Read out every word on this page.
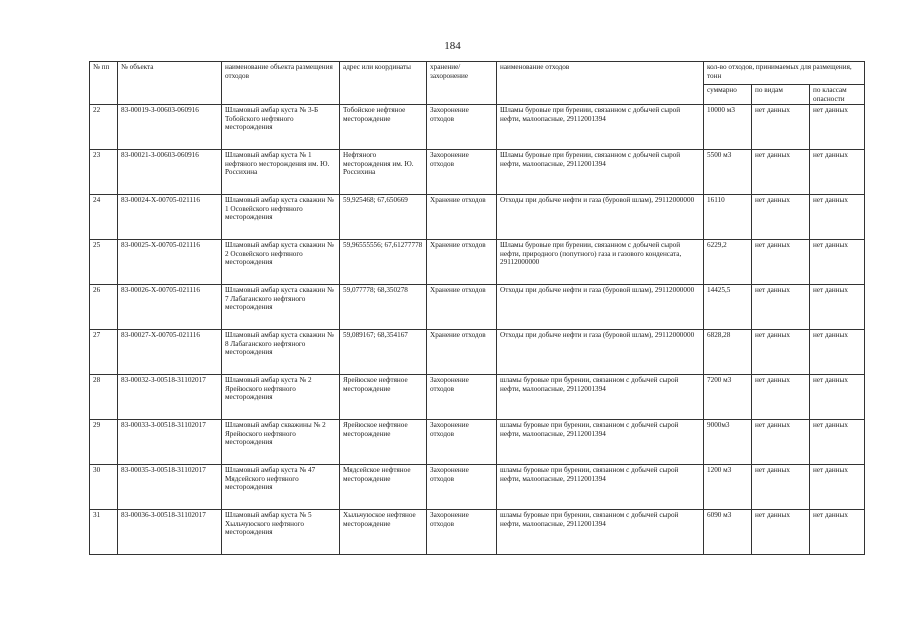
184
№ пп	№ объекта	наименование объекта размещения отходов	адрес или координаты	хранение/захоронение	наименование отходов	кол-во отходов, принимаемых для размещения, тонн		
						суммарно	по видам	по классам опасности
22	83-00019-З-00603-060916	Шламовый амбар куста № 3-Б Тобойского нефтяного месторождения	Тобойское нефтяное месторождение	Захоронение отходов	Шламы буровые при бурении, связанном с добычей сырой нефти, малоопасные, 29112001394	10000 м3	нет данных	нет данных
23	83-00021-З-00603-060916	Шламовый амбар куста № 1 нефтяного месторождения им. Ю. Россихина	Нефтяного месторождения им. Ю. Россихина	Захоронение отходов	Шламы буровые при бурении, связанном с добычей сырой нефти, малоопасные, 29112001394	5500 м3	нет данных	нет данных
24	83-00024-Х-00705-021116	Шламовый амбар куста скважин № 1 Осовейского нефтяного месторождения	59,925468; 67,650669	Хранение отходов	Отходы при добыче нефти и газа (буровой шлам), 29112000000	16110	нет данных	нет данных
25	83-00025-Х-00705-021116	Шламовый амбар куста скважин № 2 Осовейского нефтяного месторождения	59,96555556; 67,61277778	Хранение отходов	Шламы буровые при бурении, связанном с добычей сырой нефти, природного (попутного) газа и газового конденсата, 29112000000	6229,2	нет данных	нет данных
26	83-00026-Х-00705-021116	Шламовый амбар куста скважин № 7 Лабаганского нефтяного месторождения	59,077778; 68,350278	Хранение отходов	Отходы при добыче нефти и газа (буровой шлам), 29112000000	14425,5	нет данных	нет данных
27	83-00027-Х-00705-021116	Шламовый амбар куста скважин № 8 Лабаганского нефтяного месторождения	59,089167; 68,354167	Хранение отходов	Отходы при добыче нефти и газа (буровой шлам), 29112000000	6828,28	нет данных	нет данных
28	83-00032-З-00518-31102017	Шламовый амбар куста № 2 Ярейюского нефтяного месторождения	Ярейюское нефтяное месторождение	Захоронение отходов	шламы буровые при бурении, связанном с добычей сырой нефти, малоопасные, 29112001394	7200 м3	нет данных	нет данных
29	83-00033-З-00518-31102017	Шламовый амбар скважины № 2 Ярейюского нефтяного месторождения	Ярейюское нефтяное месторождение	Захоронение отходов	шламы буровые при бурении, связанном с добычей сырой нефти, малоопасные, 29112001394	9000м3	нет данных	нет данных
30	83-00035-З-00518-31102017	Шламовый амбар куста № 47 Мядсейского нефтяного месторождения	Мядсейское нефтяное месторождение	Захоронение отходов	шламы буровые при бурении, связанном с добычей сырой нефти, малоопасные, 29112001394	1200 м3	нет данных	нет данных
31	83-00036-З-00518-31102017	Шламовый амбар куста № 5 Хыльчуюского нефтяного месторождения	Хыльчуюское нефтяное месторождение	Захоронение отходов	шламы буровые при бурении, связанном с добычей сырой нефти, малоопасные, 29112001394	6090 м3	нет данных	нет данных
